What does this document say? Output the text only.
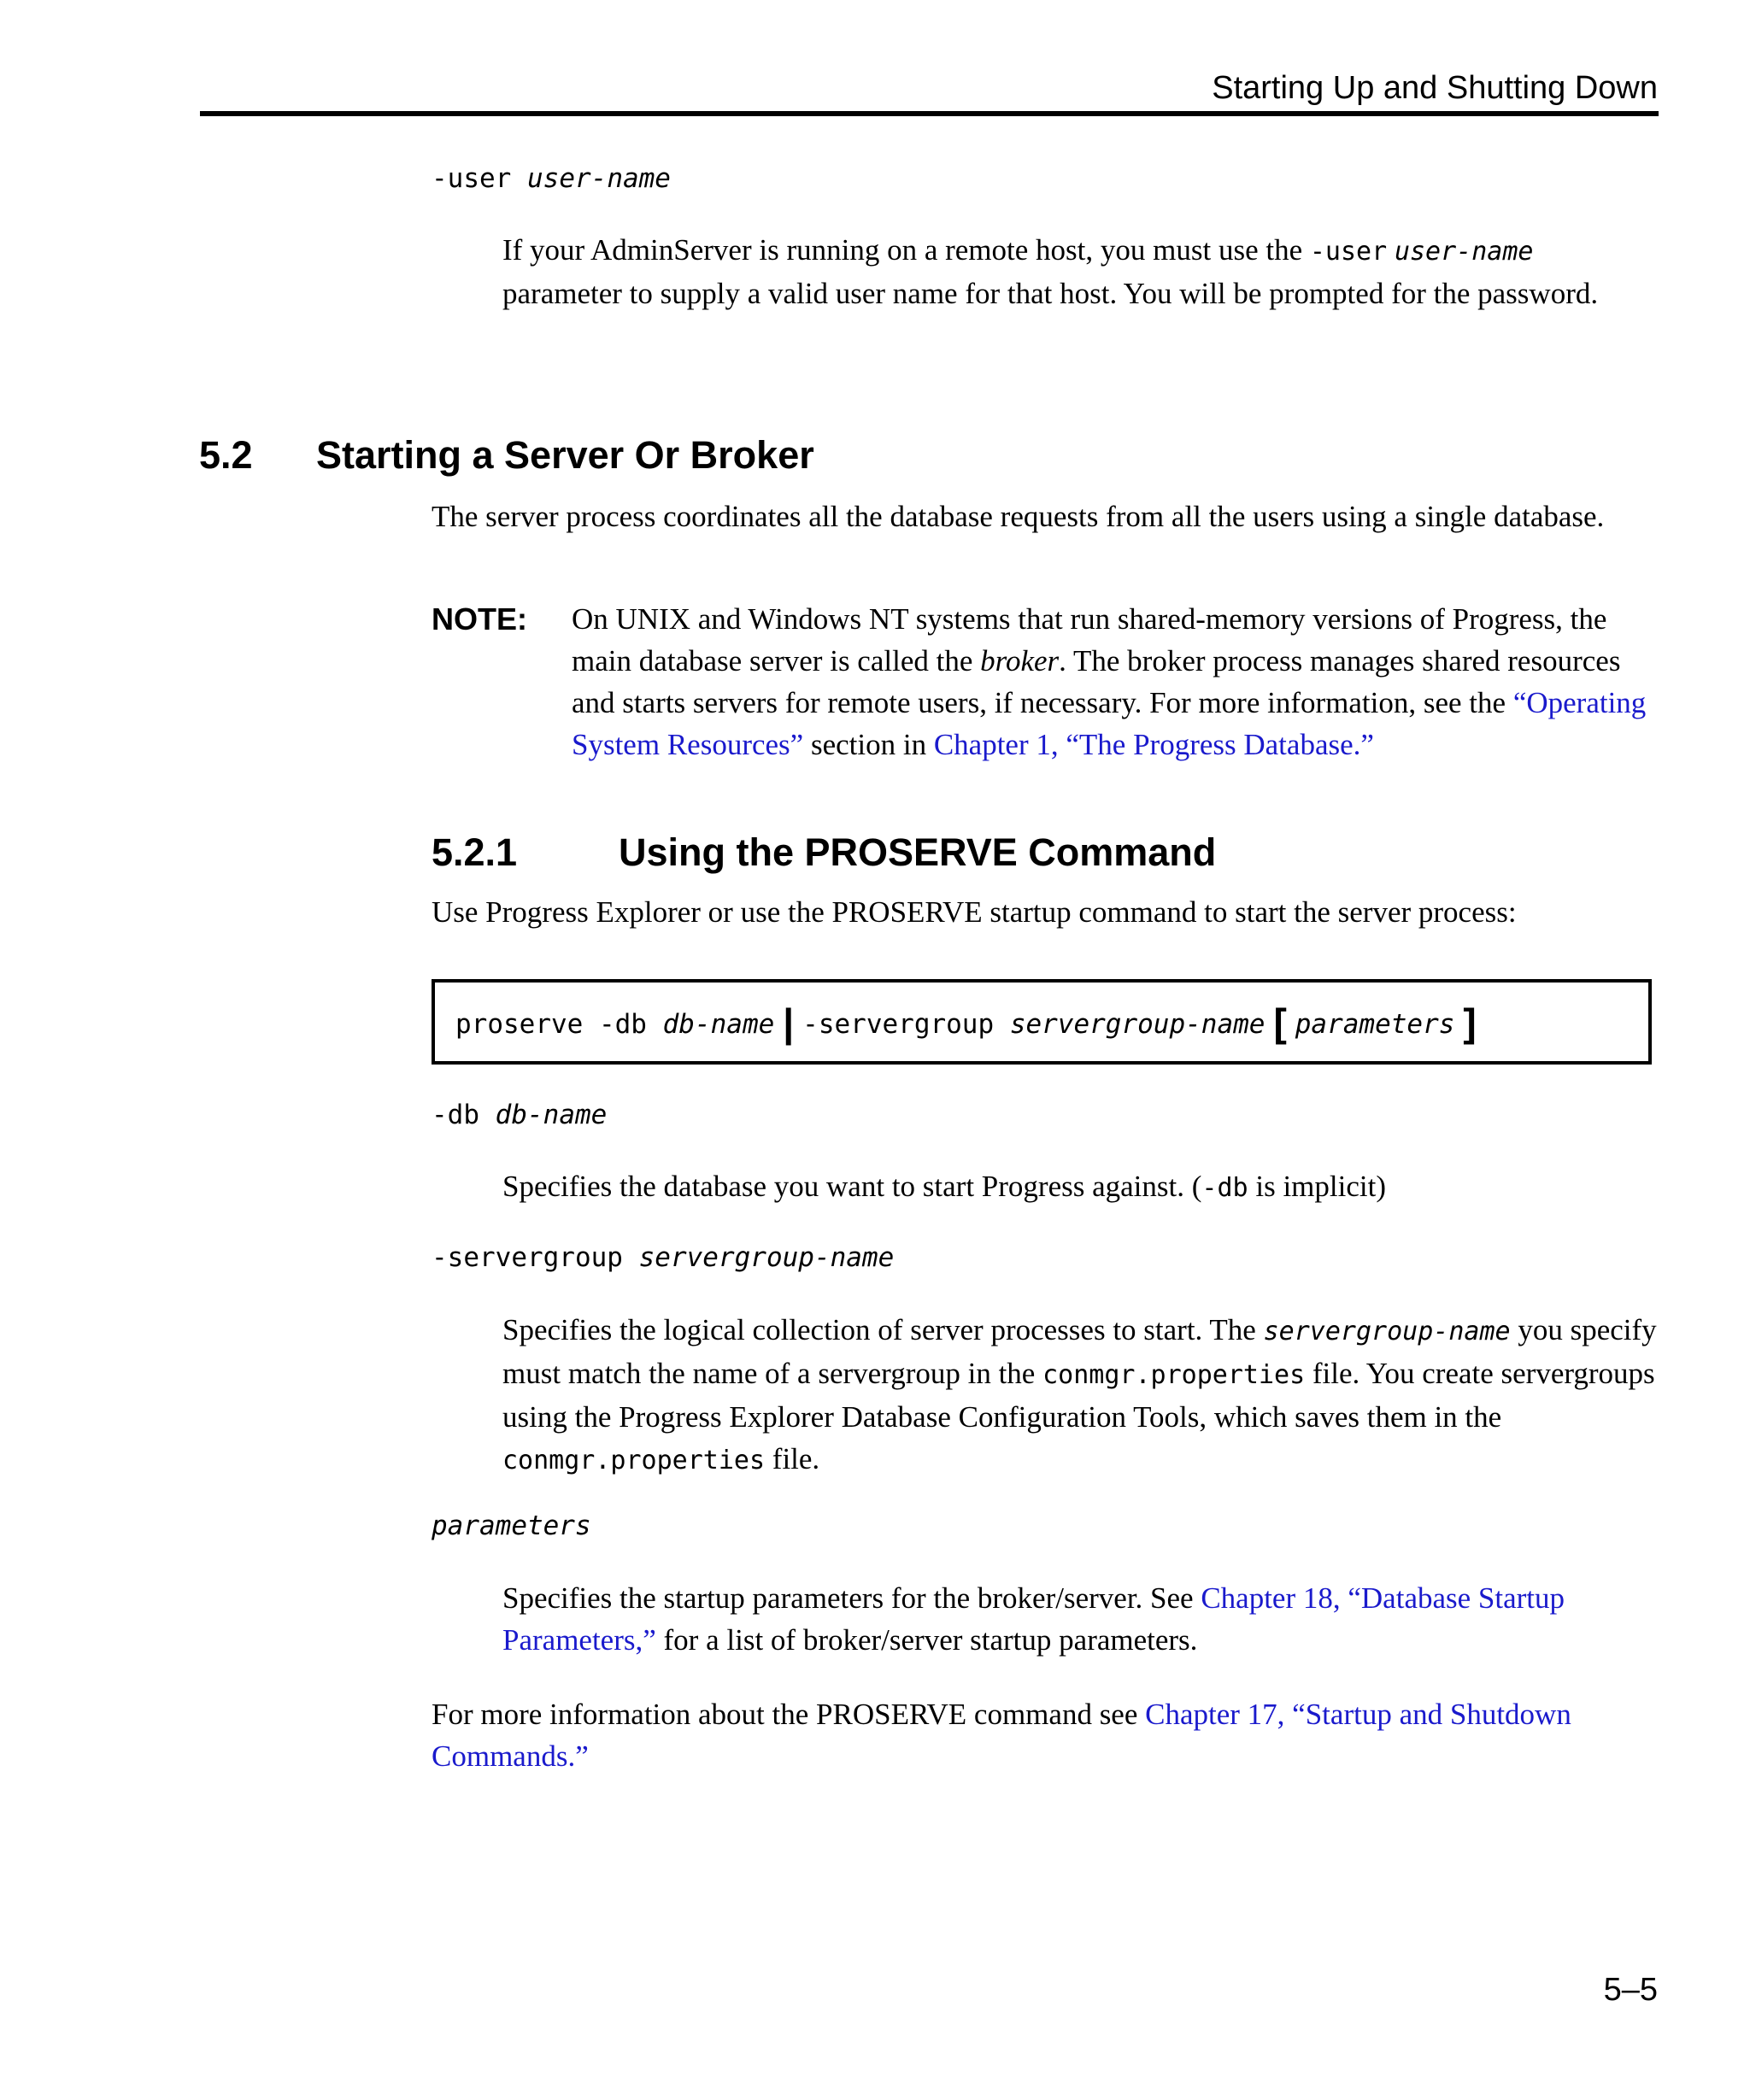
Starting Up and Shutting Down
-user user-name
If your AdminServer is running on a remote host, you must use the -user user-name parameter to supply a valid user name for that host. You will be prompted for the password.
5.2 Starting a Server Or Broker
The server process coordinates all the database requests from all the users using a single database.
NOTE: On UNIX and Windows NT systems that run shared-memory versions of Progress, the main database server is called the broker. The broker process manages shared resources and starts servers for remote users, if necessary. For more information, see the “Operating System Resources” section in Chapter 1, “The Progress Database.”
5.2.1	Using the PROSERVE Command
Use Progress Explorer or use the PROSERVE startup command to start the server process:
proserve -db db-name | -servergroup servergroup-name [ parameters ]
-db db-name
Specifies the database you want to start Progress against. (-db is implicit)
-servergroup servergroup-name
Specifies the logical collection of server processes to start. The servergroup-name you specify must match the name of a servergroup in the conmgr.properties file. You create servergroups using the Progress Explorer Database Configuration Tools, which saves them in the conmgr.properties file.
parameters
Specifies the startup parameters for the broker/server. See Chapter 18, “Database Startup Parameters,” for a list of broker/server startup parameters.
For more information about the PROSERVE command see Chapter 17, “Startup and Shutdown Commands.”
5–5
